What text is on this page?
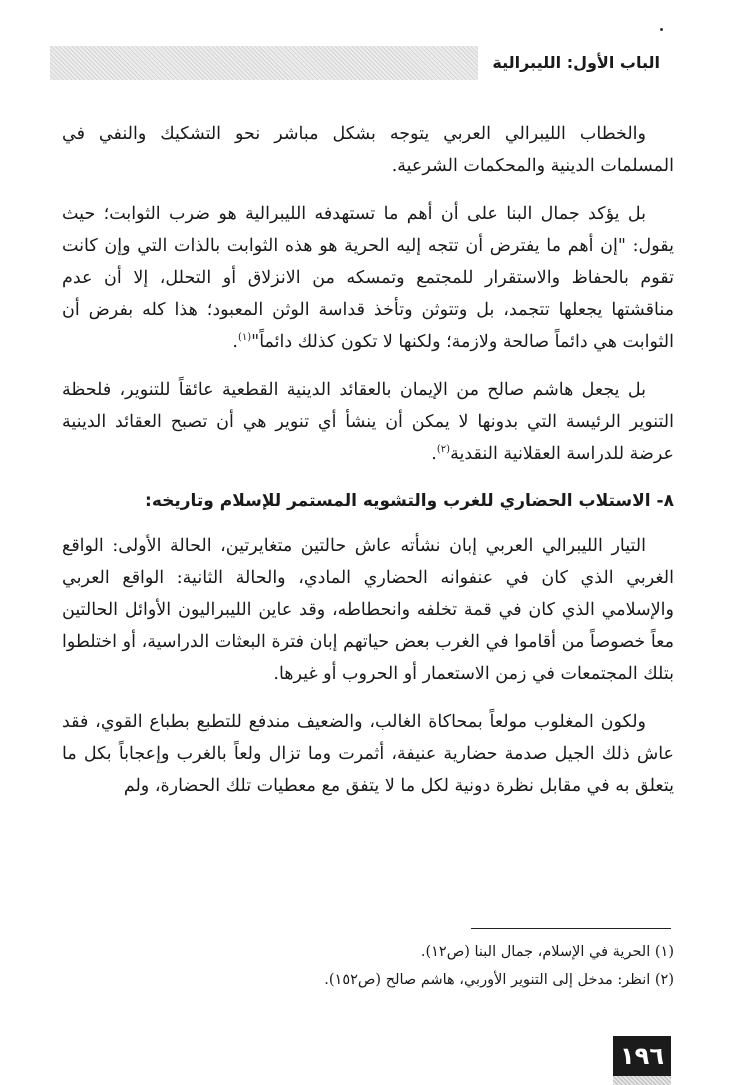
الباب الأول: الليبرالية

والخطاب الليبرالي العربي يتوجه بشكل مباشر نحو التشكيك والنفي في المسلمات الدينية والمحكمات الشرعية.

بل يؤكد جمال البنا على أن أهم ما تستهدفه الليبرالية هو ضرب الثوابت؛ حيث يقول: "إن أهم ما يفترض أن تتجه إليه الحرية هو هذه الثوابت بالذات التي وإن كانت تقوم بالحفاظ والاستقرار للمجتمع وتمسكه من الانزلاق أو التحلل، إلا أن عدم مناقشتها يجعلها تتجمد، بل وتتوثن وتأخذ قداسة الوثن المعبود؛ هذا كله بفرض أن الثوابت هي دائماً صالحة ولازمة؛ ولكنها لا تكون كذلك دائماً"$^{(١)}$.

بل يجعل هاشم صالح من الإيمان بالعقائد الدينية القطعية عائقاً للتنوير، فلحظة التنوير الرئيسة التي بدونها لا يمكن أن ينشأ أي تنوير هي أن تصبح العقائد الدينية عرضة للدراسة العقلانية النقدية$^{(٢)}$.

٨- الاستلاب الحضاري للغرب والتشويه المستمر للإسلام وتاريخه:

التيار الليبرالي العربي إبان نشأته عاش حالتين متغايرتين، الحالة الأولى: الواقع الغربي الذي كان في عنفوانه الحضاري المادي، والحالة الثانية: الواقع العربي والإسلامي الذي كان في قمة تخلفه وانحطاطه، وقد عاين الليبراليون الأوائل الحالتين معاً خصوصاً من أقاموا في الغرب بعض حياتهم إبان فترة البعثات الدراسية، أو اختلطوا بتلك المجتمعات في زمن الاستعمار أو الحروب أو غيرها.

ولكون المغلوب مولعاً بمحاكاة الغالب، والضعيف مندفع للتطبع بطباع القوي، فقد عاش ذلك الجيل صدمة حضارية عنيفة، أثمرت وما تزال ولعاً بالغرب وإعجاباً بكل ما يتعلق به في مقابل نظرة دونية لكل ما لا يتفق مع معطيات تلك الحضارة، ولم

(١) الحرية في الإسلام، جمال البنا (ص١٢).
(٢) انظر: مدخل إلى التنوير الأوربي، هاشم صالح (ص١٥٢).
١٩٦
